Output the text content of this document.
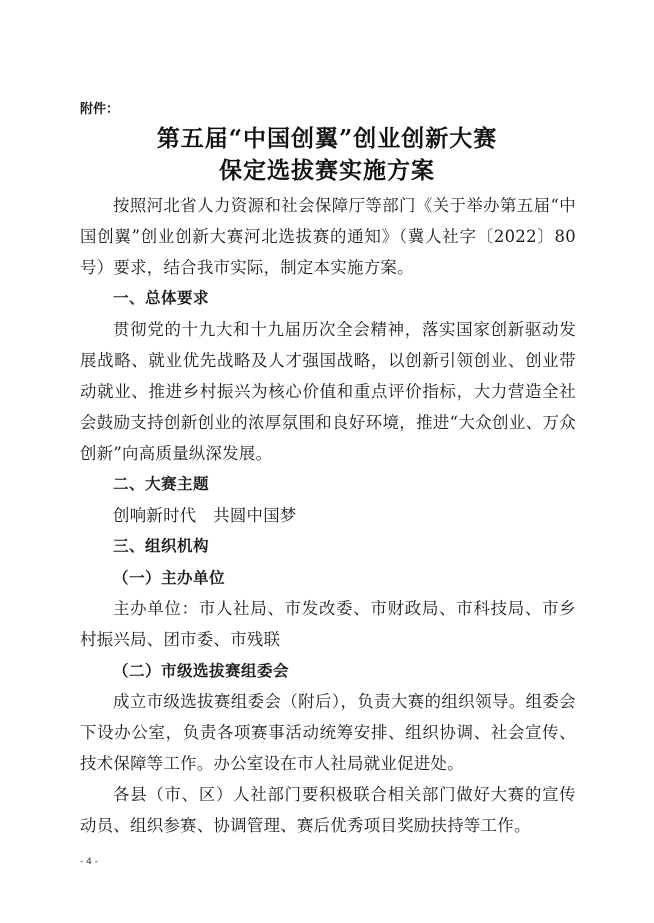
附件：
第五届“中国创翼”创业创新大赛
保定选拔赛实施方案

按照河北省人力资源和社会保障厅等部门《关于举办第五届“中国创翼”创业创新大赛河北选拔赛的通知》（冀人社字〔2022〕80号）要求，结合我市实际，制定本实施方案。

一、总体要求

贯彻党的十九大和十九届历次全会精神，落实国家创新驱动发展战略、就业优先战略及人才强国战略，以创新引领创业、创业带动就业、推进乡村振兴为核心价值和重点评价指标，大力营造全社会鼓励支持创新创业的浓厚氛围和良好环境，推进“大众创业、万众创新”向高质量纵深发展。

二、大赛主题

创响新时代　共圆中国梦

三、组织机构

（一）主办单位

主办单位：市人社局、市发改委、市财政局、市科技局、市乡村振兴局、团市委、市残联

（二）市级选拔赛组委会

成立市级选拔赛组委会（附后），负责大赛的组织领导。组委会下设办公室，负责各项赛事活动统筹安排、组织协调、社会宣传、技术保障等工作。办公室设在市人社局就业促进处。

各县（市、区）人社部门要积极联合相关部门做好大赛的宣传动员、组织参赛、协调管理、赛后优秀项目奖励扶持等工作。

- 4 -
